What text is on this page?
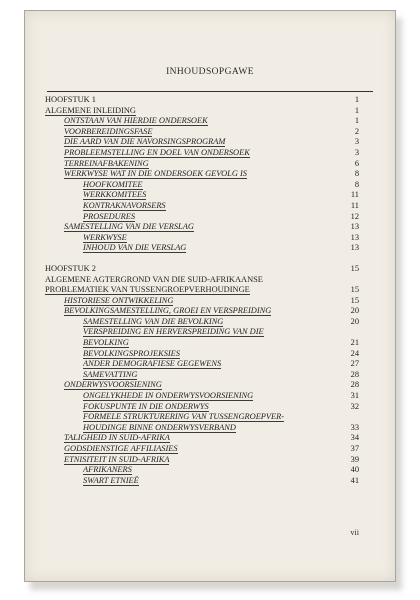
INHOUDSOPGAWE
HOOFSTUK 1	1
ALGEMENE INLEIDING	1
ONTSTAAN VAN HIERDIE ONDERSOEK	1
VOORBEREIDINGSFASE	2
DIE AARD VAN DIE NAVORSINGSPROGRAM	3
PROBLEEMSTELLING EN DOEL VAN ONDERSOEK	3
TERREINAFBAKENING	6
WERKWYSE WAT IN DIE ONDERSOEK GEVOLG IS	8
HOOFKOMITEE	8
WERKKOMITEES	11
KONTRAKNAVORSERS	11
PROSEDURES	12
SAMESTELLING VAN DIE VERSLAG	13
WERKWYSE	13
INHOUD VAN DIE VERSLAG	13
HOOFSTUK 2	15
ALGEMENE AGTERGROND VAN DIE SUID-AFRIKAANSE
PROBLEMATIEK VAN TUSSENGROEPVERHOUDINGE	15
HISTORIESE ONTWIKKELING	15
BEVOLKINGSAMESTELLING, GROEI EN VERSPREIDING	20
SAMESTELLING VAN DIE BEVOLKING	20
VERSPREIDING EN HERVERSPREIDING VAN DIE
BEVOLKING	21
BEVOLKINGSPROJEKSIES	24
ANDER DEMOGRAFIESE GEGEWENS	27
SAMEVATTING	28
ONDERWYSVOORSIENING	28
ONGELYKHEDE IN ONDERWYSVOORSIENING	31
FOKUSPUNTE IN DIE ONDERWYS	32
FORMELE STRUKTURERING VAN TUSSENGROEPVER-
HOUDINGE BINNE ONDERWYSVERBAND	33
TALIGHEID IN SUID-AFRIKA	34
GODSDIENSTIGE AFFILIASIES	37
ETNISITEIT IN SUID-AFRIKA	39
AFRIKANERS	40
SWART ETNIEË	41
vii
